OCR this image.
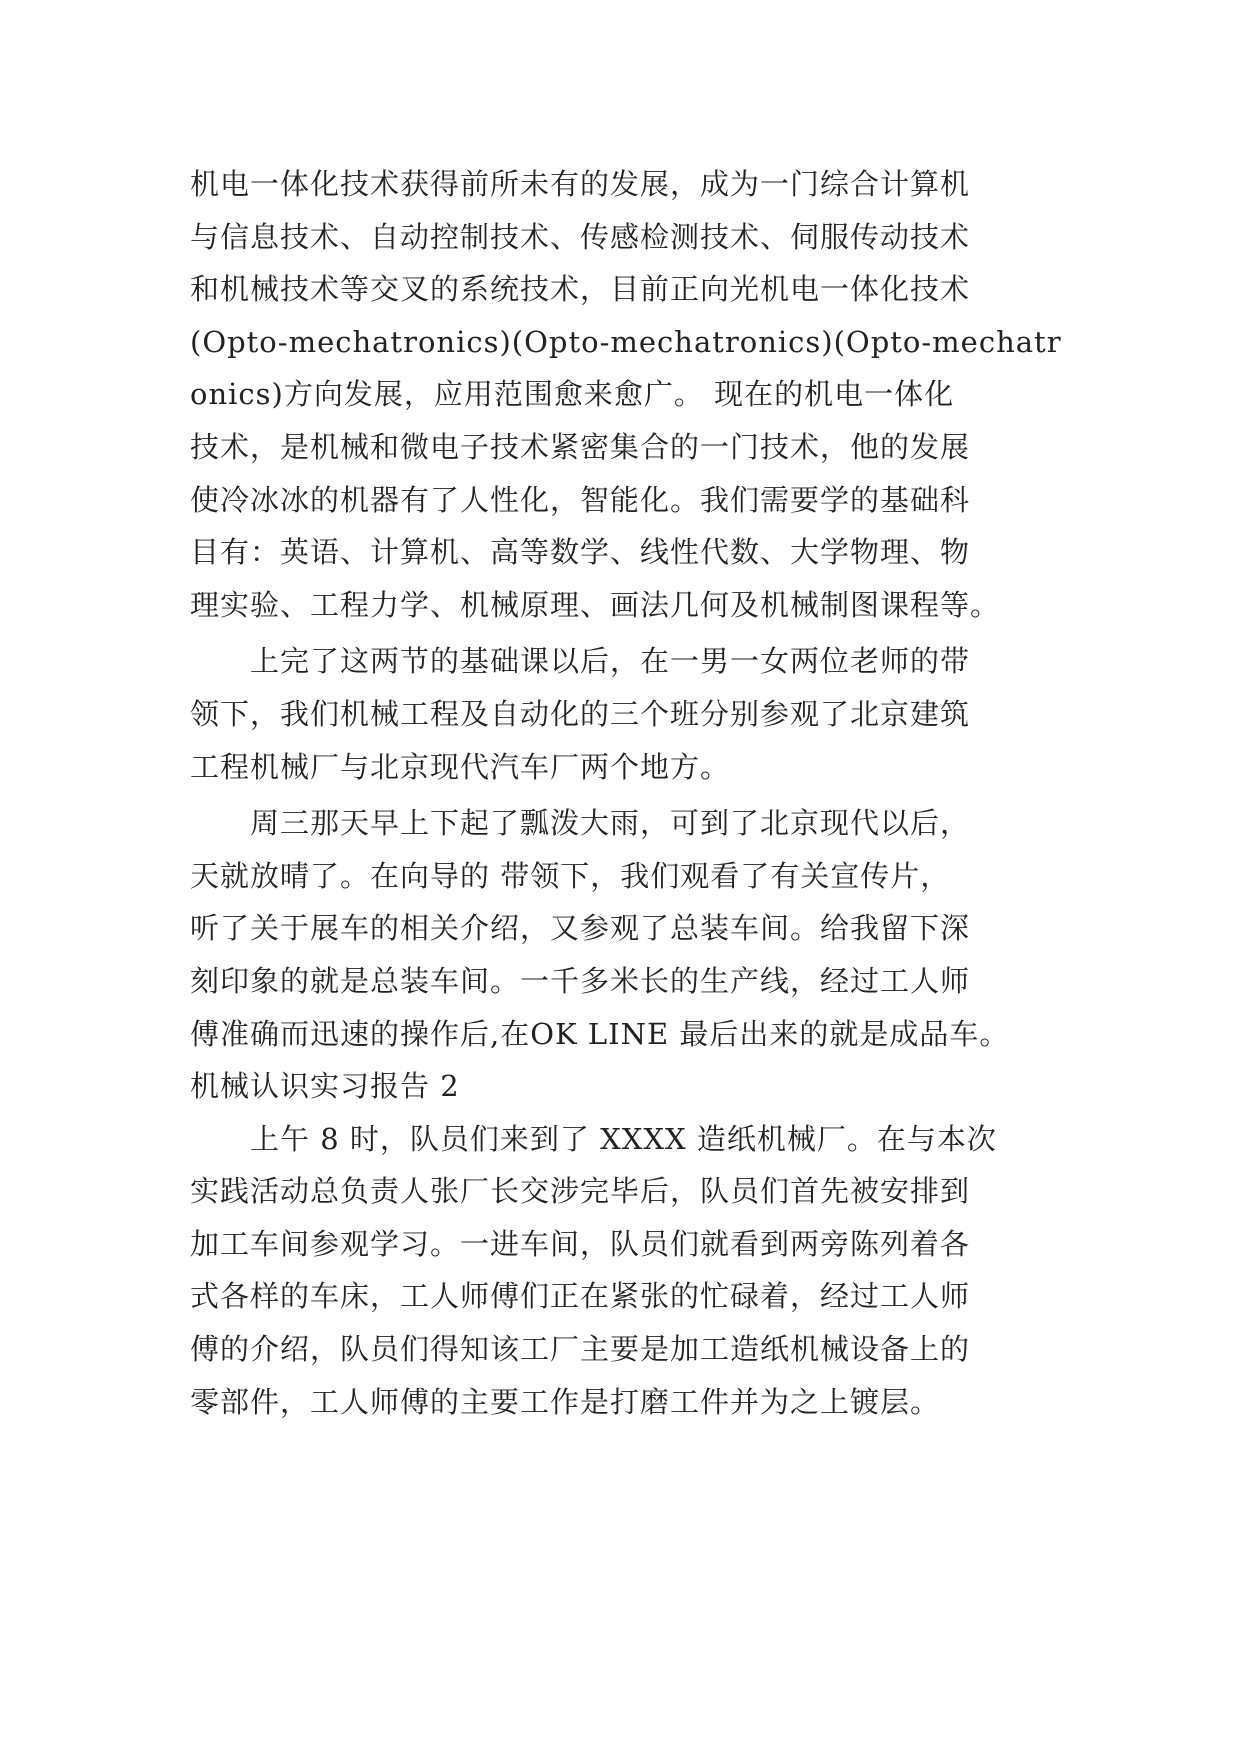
机电一体化技术获得前所未有的发展，成为一门综合计算机
与信息技术、自动控制技术、传感检测技术、伺服传动技术
和机械技术等交叉的系统技术，目前正向光机电一体化技术
(Opto-mechatronics)(Opto-mechatronics)(Opto-mechatr
onics)方向发展，应用范围愈来愈广。 现在的机电一体化
技术，是机械和微电子技术紧密集合的一门技术，他的发展
使冷冰冰的机器有了人性化，智能化。我们需要学的基础科
目有：英语、计算机、高等数学、线性代数、大学物理、物
理实验、工程力学、机械原理、画法几何及机械制图课程等。
　　上完了这两节的基础课以后，在一男一女两位老师的带
领下，我们机械工程及自动化的三个班分别参观了北京建筑
工程机械厂与北京现代汽车厂两个地方。
　　周三那天早上下起了瓢泼大雨，可到了北京现代以后，
天就放晴了。在向导的 带领下，我们观看了有关宣传片，
听了关于展车的相关介绍，又参观了总装车间。给我留下深
刻印象的就是总装车间。一千多米长的生产线，经过工人师
傅准确而迅速的操作后,在OK LINE 最后出来的就是成品车。
机械认识实习报告 2
　　上午 8 时，队员们来到了 XXXX 造纸机械厂。在与本次
实践活动总负责人张厂长交涉完毕后，队员们首先被安排到
加工车间参观学习。一进车间，队员们就看到两旁陈列着各
式各样的车床，工人师傅们正在紧张的忙碌着，经过工人师
傅的介绍，队员们得知该工厂主要是加工造纸机械设备上的
零部件，工人师傅的主要工作是打磨工件并为之上镀层。
